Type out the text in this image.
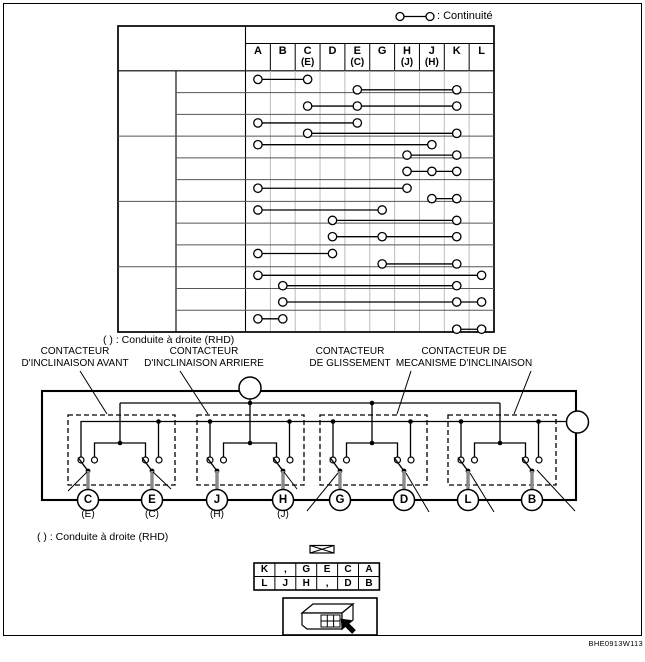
: Continuité
( ) : Conduite à droite (RHD)
( ) : Conduite à droite (RHD)
BHE0913W113
A	B	C
(E)
D	E
(C)
G	H
(J)
J
(H)
K	L
C
(E)
E
(C)
J
(H)
H
(J)
G	D	L	B
CONTACTEUR
D'INCLINAISON AVANT
CONTACTEUR
D'INCLINAISON ARRIERE
CONTACTEUR
DE GLISSEMENT
CONTACTEUR DE
MECANISME D'INCLINAISON
K	,	G	E	C	A
L	J	H	,	D	B
